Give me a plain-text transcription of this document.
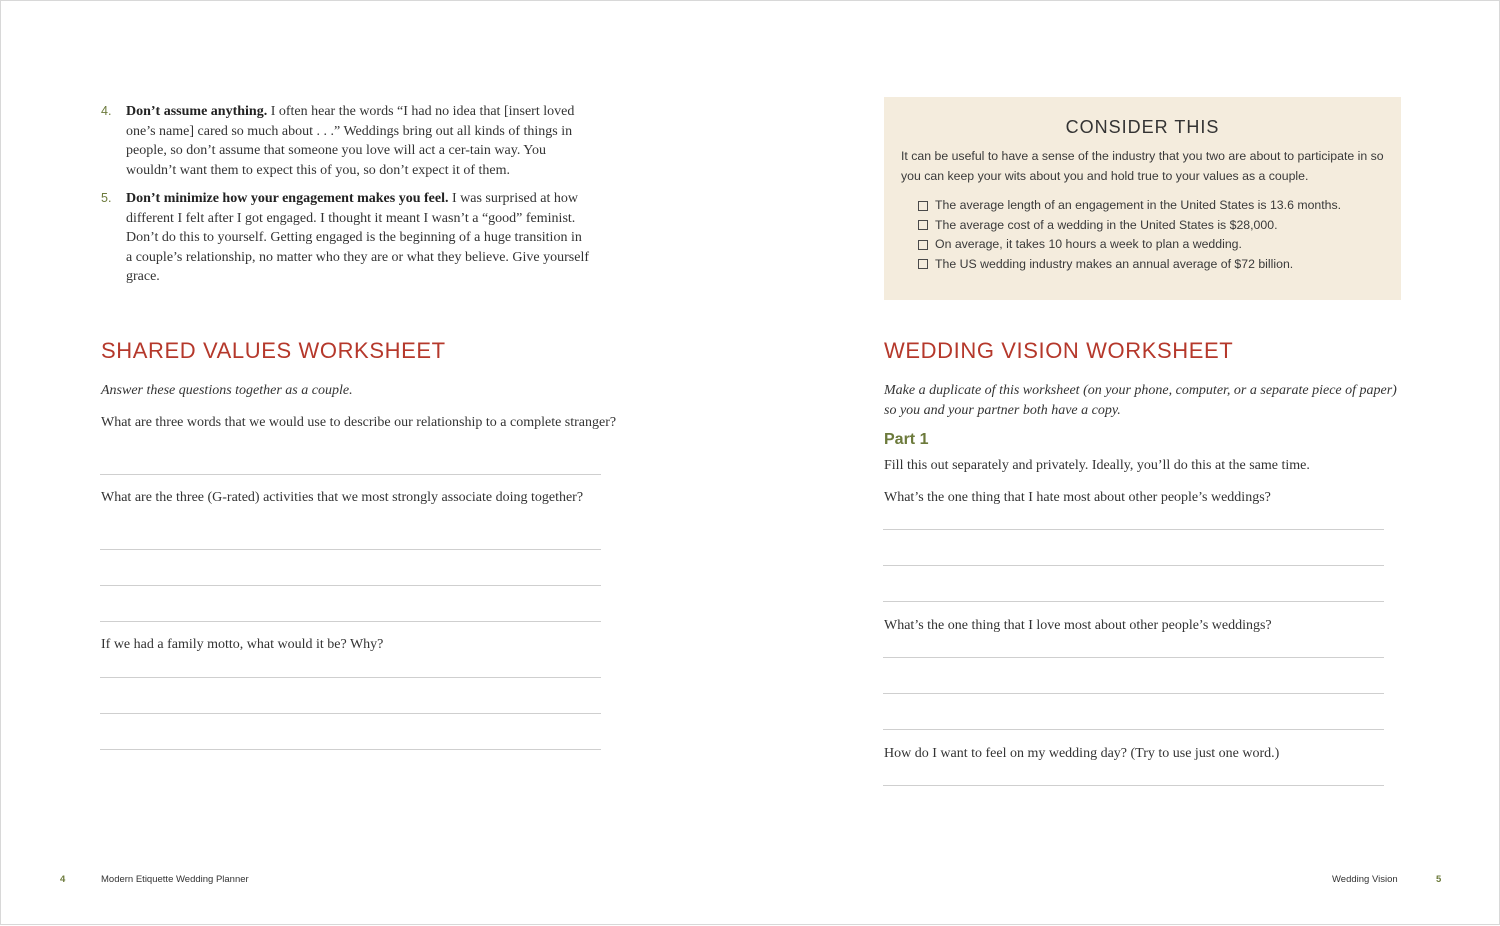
4. Don’t assume anything. I often hear the words “I had no idea that [insert loved one’s name] cared so much about . . .” Weddings bring out all kinds of things in people, so don’t assume that someone you love will act a cer-tain way. You wouldn’t want them to expect this of you, so don’t expect it of them.
5. Don’t minimize how your engagement makes you feel. I was surprised at how different I felt after I got engaged. I thought it meant I wasn’t a “good” feminist. Don’t do this to yourself. Getting engaged is the beginning of a huge transition in a couple’s relationship, no matter who they are or what they believe. Give yourself grace.
SHARED VALUES WORKSHEET
Answer these questions together as a couple.
What are three words that we would use to describe our relationship to a complete stranger?
What are the three (G-rated) activities that we most strongly associate doing together?
If we had a family motto, what would it be? Why?
4	Modern Etiquette Wedding Planner
CONSIDER THIS

It can be useful to have a sense of the industry that you two are about to participate in so you can keep your wits about you and hold true to your values as a couple.

The average length of an engagement in the United States is 13.6 months.
The average cost of a wedding in the United States is $28,000.
On average, it takes 10 hours a week to plan a wedding.
The US wedding industry makes an annual average of $72 billion.
WEDDING VISION WORKSHEET
Make a duplicate of this worksheet (on your phone, computer, or a separate piece of paper) so you and your partner both have a copy.
Part 1
Fill this out separately and privately. Ideally, you’ll do this at the same time.
What’s the one thing that I hate most about other people’s weddings?
What’s the one thing that I love most about other people’s weddings?
How do I want to feel on my wedding day? (Try to use just one word.)
Wedding Vision	5
